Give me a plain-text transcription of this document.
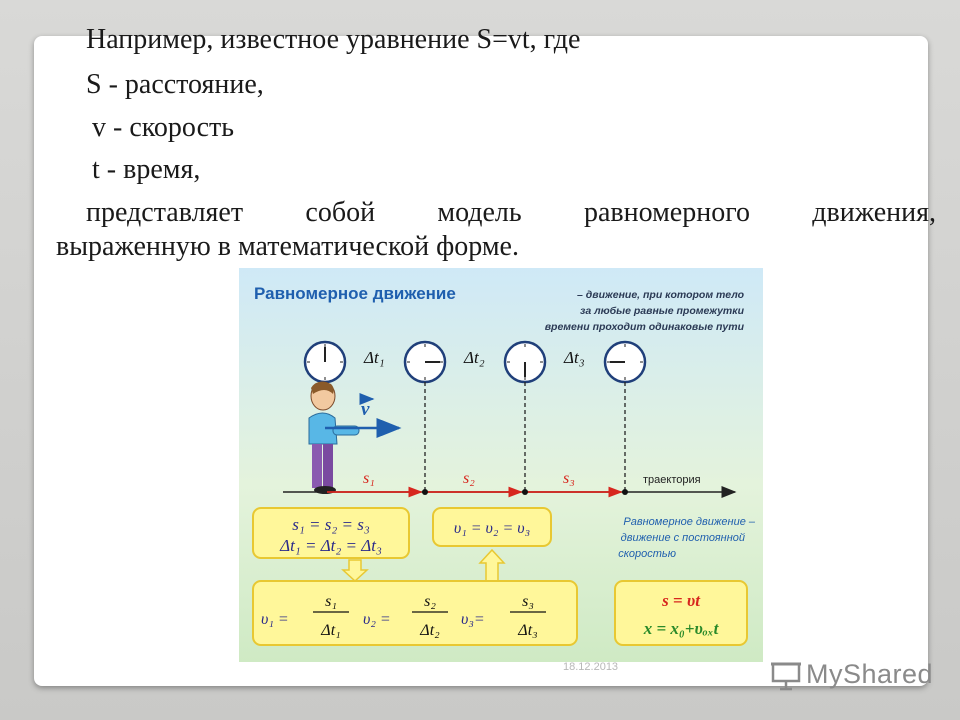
Например, известное уравнение S=vt, где
S - расстояние,
v - скорость
t - время,
представляет собой модель равномерного движения,
выраженную в математической форме.
Равномерное движение	– движение, при котором тело
за любые равные промежутки
времени проходит одинаковые пути
Δt₁	Δt₂	Δt₃
v
s₁	s₂	s₃	траектория
s₁ = s₂ = s₃
Δt₁ = Δt₂ = Δt₃
υ₁ = υ₂ = υ₃	Равномерное движение –
движение с постоянной
скоростью
υ₁ =	υ₂ =	υ₃=
s₁
Δt₁
s₂
Δt₂
s₃
Δt₃
s = υt
x = x₀+υₒₓt
18.12.2013	MyShared
